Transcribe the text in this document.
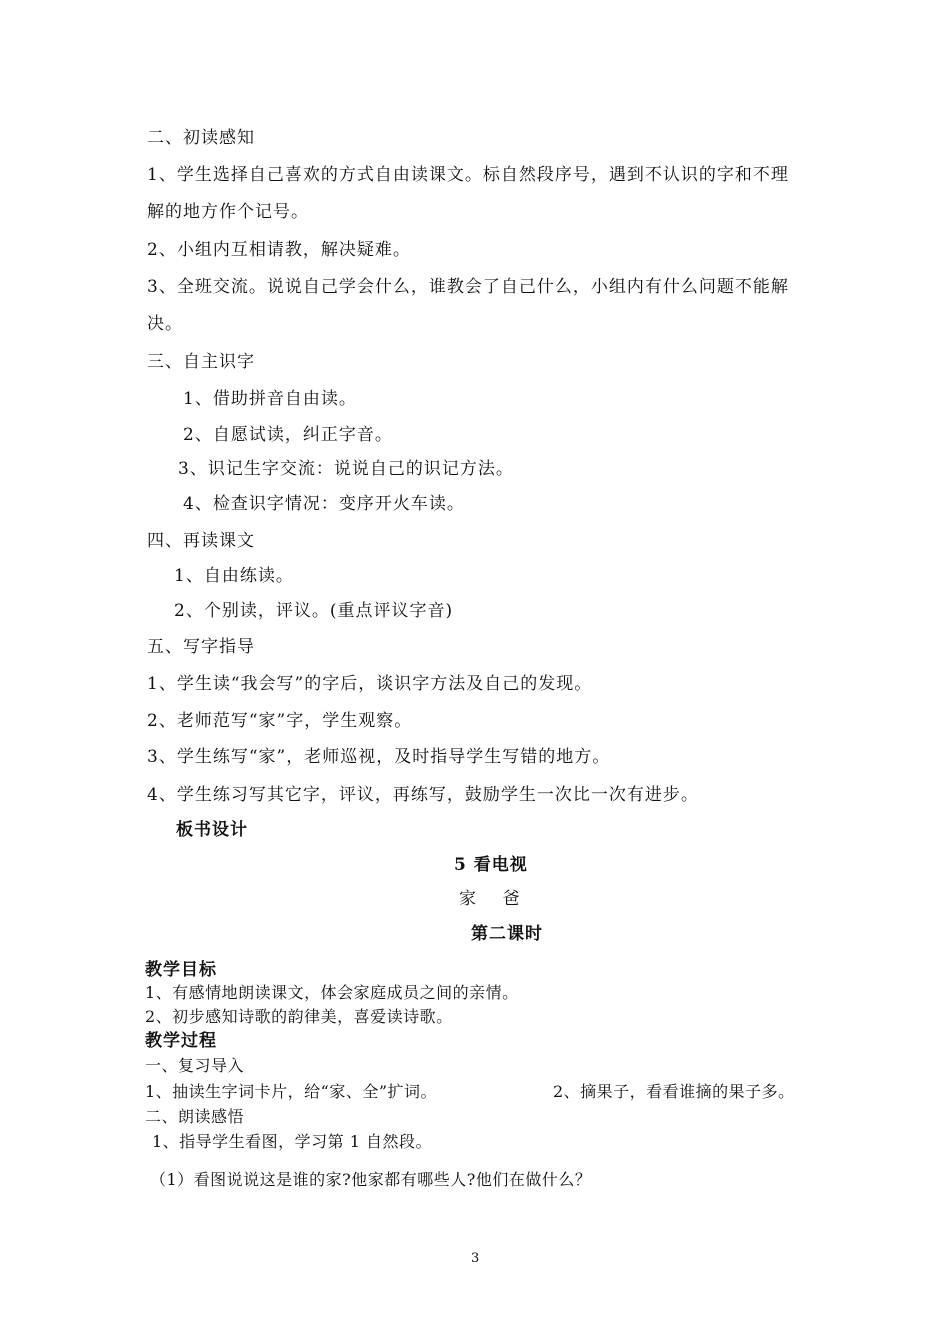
二、初读感知
1、学生选择自己喜欢的方式自由读课文。标自然段序号，遇到不认识的字和不理
解的地方作个记号。
2、小组内互相请教，解决疑难。
3、全班交流。说说自己学会什么，谁教会了自己什么，小组内有什么问题不能解
决。
三、自主识字
1、借助拼音自由读。
2、自愿试读，纠正字音。
3、识记生字交流：说说自己的识记方法。
4、检查识字情况：变序开火车读。
四、再读课文
1、自由练读。
2、个别读，评议。(重点评议字音)
五、写字指导
1、学生读“我会写”的字后，谈识字方法及自己的发现。
2、老师范写“家”字，学生观察。
3、学生练写“家”，老师巡视，及时指导学生写错的地方。
4、学生练习写其它字，评议，再练写，鼓励学生一次比一次有进步。
板书设计
5 看电视
家    爸
第二课时
教学目标
1、有感情地朗读课文，体会家庭成员之间的亲情。
2、初步感知诗歌的韵律美，喜爱读诗歌。
教学过程
一、复习导入
1、抽读生字词卡片，给“家、全”扩词。	2、摘果子，看看谁摘的果子多。
二、朗读感悟
1、指导学生看图，学习第 1 自然段。
（1）看图说说这是谁的家?他家都有哪些人?他们在做什么？
3
